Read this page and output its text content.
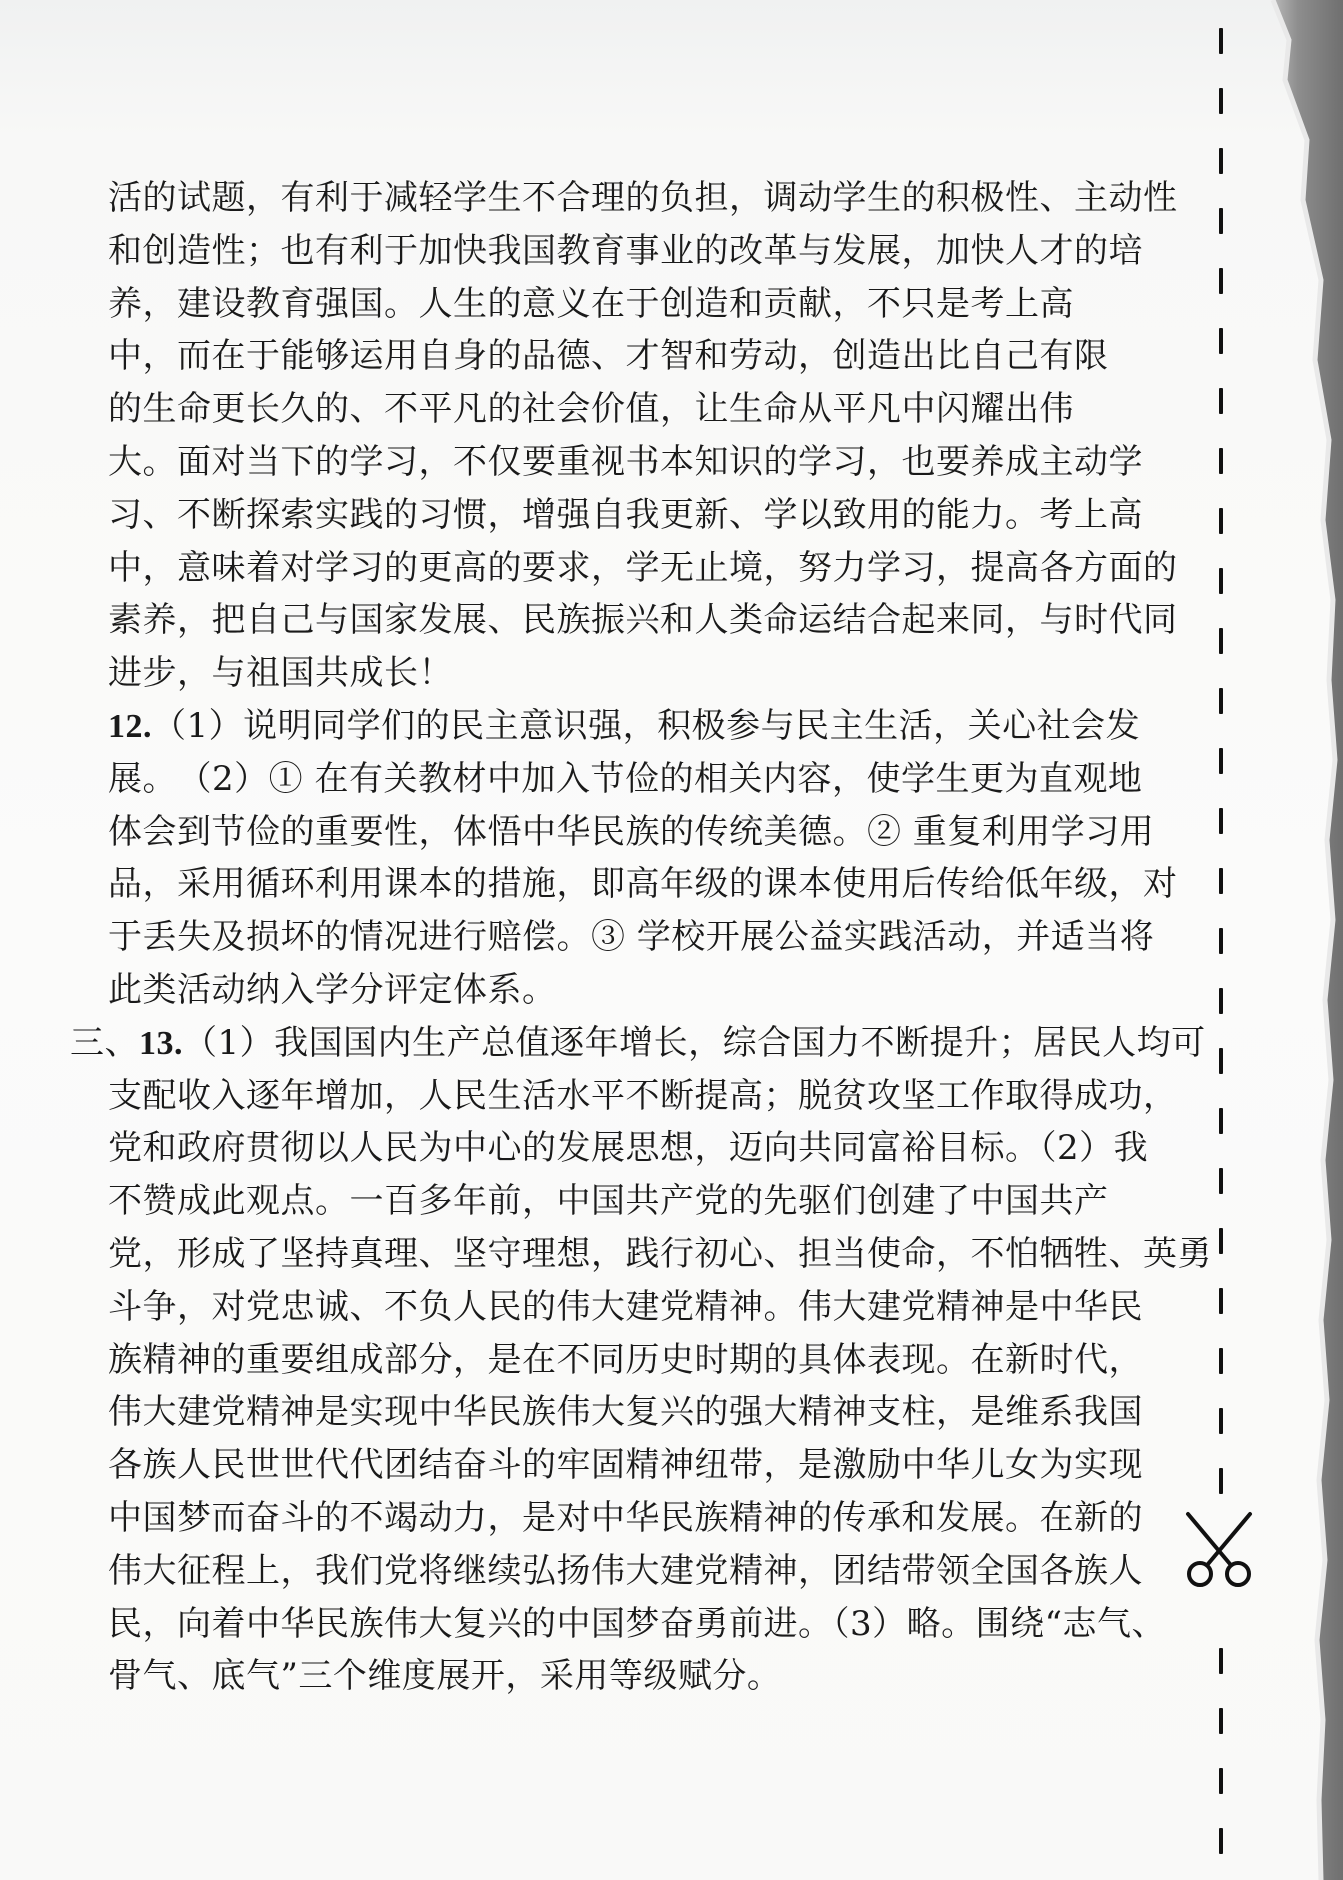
活的试题，有利于减轻学生不合理的负担，调动学生的积极性、主动性
和创造性；也有利于加快我国教育事业的改革与发展，加快人才的培
养，建设教育强国。人生的意义在于创造和贡献，不只是考上高
中，而在于能够运用自身的品德、才智和劳动，创造出比自己有限
的生命更长久的、不平凡的社会价值，让生命从平凡中闪耀出伟
大。面对当下的学习，不仅要重视书本知识的学习，也要养成主动学
习、不断探索实践的习惯，增强自我更新、学以致用的能力。考上高
中，意味着对学习的更高的要求，学无止境，努力学习，提高各方面的
素养，把自己与国家发展、民族振兴和人类命运结合起来同，与时代同
进步，与祖国共成长！
12.（1）说明同学们的民主意识强，积极参与民主生活，关心社会发
展。　（2）① 在有关教材中加入节俭的相关内容，使学生更为直观地
体会到节俭的重要性，体悟中华民族的传统美德。② 重复利用学习用
品，采用循环利用课本的措施，即高年级的课本使用后传给低年级，对
于丢失及损坏的情况进行赔偿。③ 学校开展公益实践活动，并适当将
此类活动纳入学分评定体系。
三、13.（1）我国国内生产总值逐年增长，综合国力不断提升；居民人均可
支配收入逐年增加，人民生活水平不断提高；脱贫攻坚工作取得成功，
党和政府贯彻以人民为中心的发展思想，迈向共同富裕目标。（2）我
不赞成此观点。一百多年前，中国共产党的先驱们创建了中国共产
党，形成了坚持真理、坚守理想，践行初心、担当使命，不怕牺牲、英勇
斗争，对党忠诚、不负人民的伟大建党精神。伟大建党精神是中华民
族精神的重要组成部分，是在不同历史时期的具体表现。在新时代，
伟大建党精神是实现中华民族伟大复兴的强大精神支柱，是维系我国
各族人民世世代代团结奋斗的牢固精神纽带，是激励中华儿女为实现
中国梦而奋斗的不竭动力，是对中华民族精神的传承和发展。在新的
伟大征程上，我们党将继续弘扬伟大建党精神，团结带领全国各族人
民，向着中华民族伟大复兴的中国梦奋勇前进。（3）略。围绕“志气、
骨气、底气”三个维度展开，采用等级赋分。
